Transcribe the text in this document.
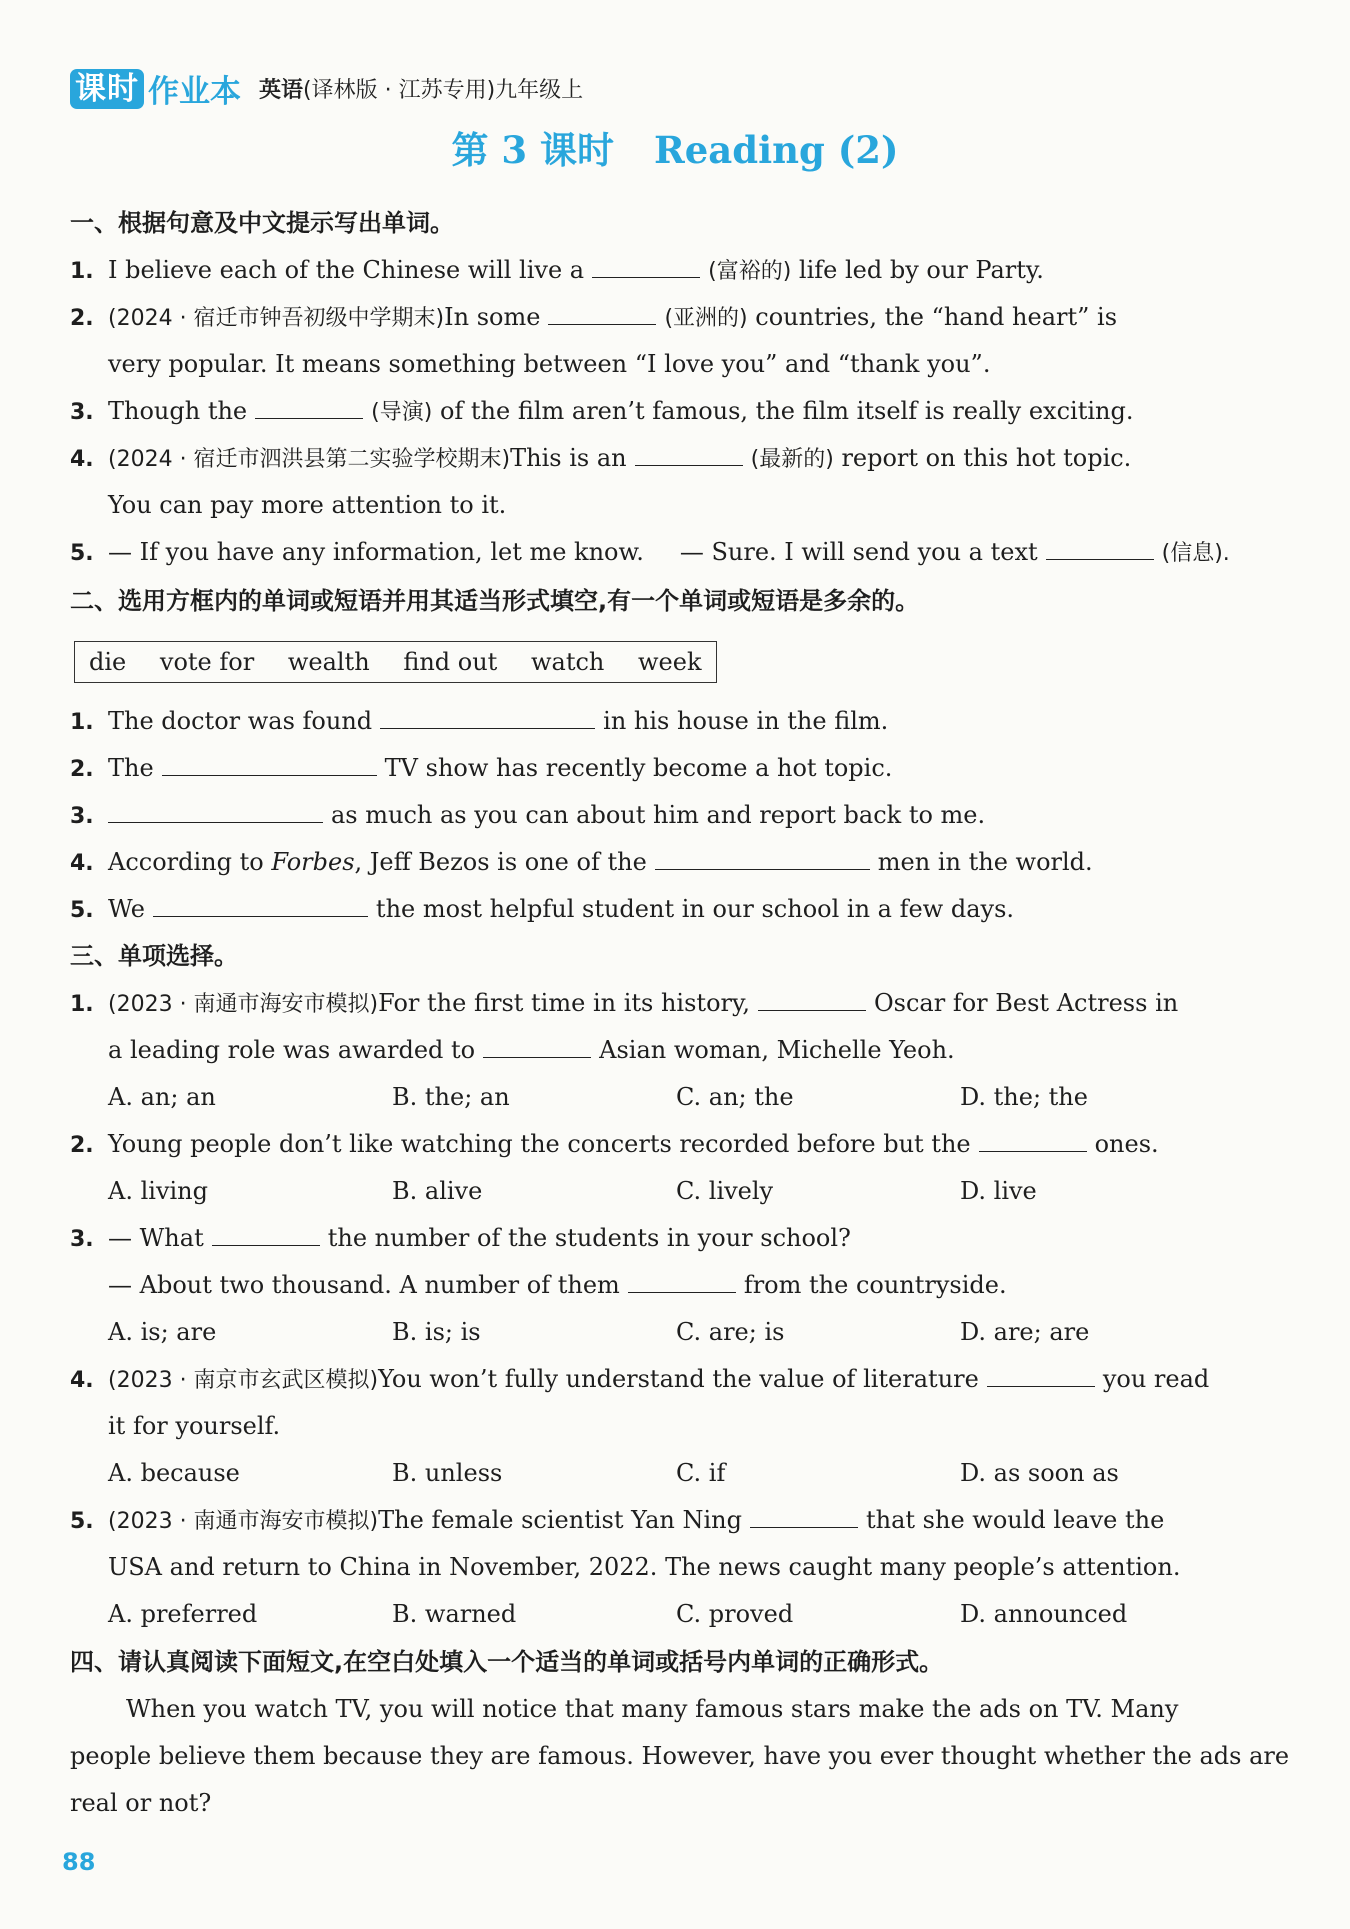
课时 作业本 英语(译林版 · 江苏专用)九年级上
第 3 课时 Reading (2)
一、根据句意及中文提示写出单词。
1. I believe each of the Chinese will live a	(富裕的) life led by our Party.
2. (2024 · 宿迁市钟吾初级中学期末)In some	(亚洲的) countries, the “hand heart” is
very popular. It means something between “I love you” and “thank you”.
3. Though the	(导演) of the film aren’t famous, the film itself is really exciting.
4. (2024 · 宿迁市泗洪县第二实验学校期末)This is an	(最新的) report on this hot topic.
You can pay more attention to it.
5. — If you have any information, let me know. — Sure. I will send you a text	(信息).
二、选用方框内的单词或短语并用其适当形式填空,有一个单词或短语是多余的。
die vote for wealth find out watch week
1. The doctor was found	in his house in the film.
2. The	TV show has recently become a hot topic.
3.	as much as you can about him and report back to me.
4. According to Forbes, Jeff Bezos is one of the	men in the world.
5. We	the most helpful student in our school in a few days.
三、单项选择。
1. (2023 · 南通市海安市模拟)For the first time in its history,	Oscar for Best Actress in
a leading role was awarded to	Asian woman, Michelle Yeoh.
A. an; an	B. the; an	C. an; the	D. the; the
2. Young people don’t like watching the concerts recorded before but the	ones.
A. living	B. alive	C. lively	D. live
3. — What	the number of the students in your school?
— About two thousand. A number of them	from the countryside.
A. is; are	B. is; is	C. are; is	D. are; are
4. (2023 · 南京市玄武区模拟)You won’t fully understand the value of literature	you read
it for yourself.
A. because	B. unless	C. if	D. as soon as
5. (2023 · 南通市海安市模拟)The female scientist Yan Ning	that she would leave the
USA and return to China in November, 2022. The news caught many people’s attention.
A. preferred	B. warned	C. proved	D. announced
四、请认真阅读下面短文,在空白处填入一个适当的单词或括号内单词的正确形式。
When you watch TV, you will notice that many famous stars make the ads on TV. Many
people believe them because they are famous. However, have you ever thought whether the ads are
real or not?
88
